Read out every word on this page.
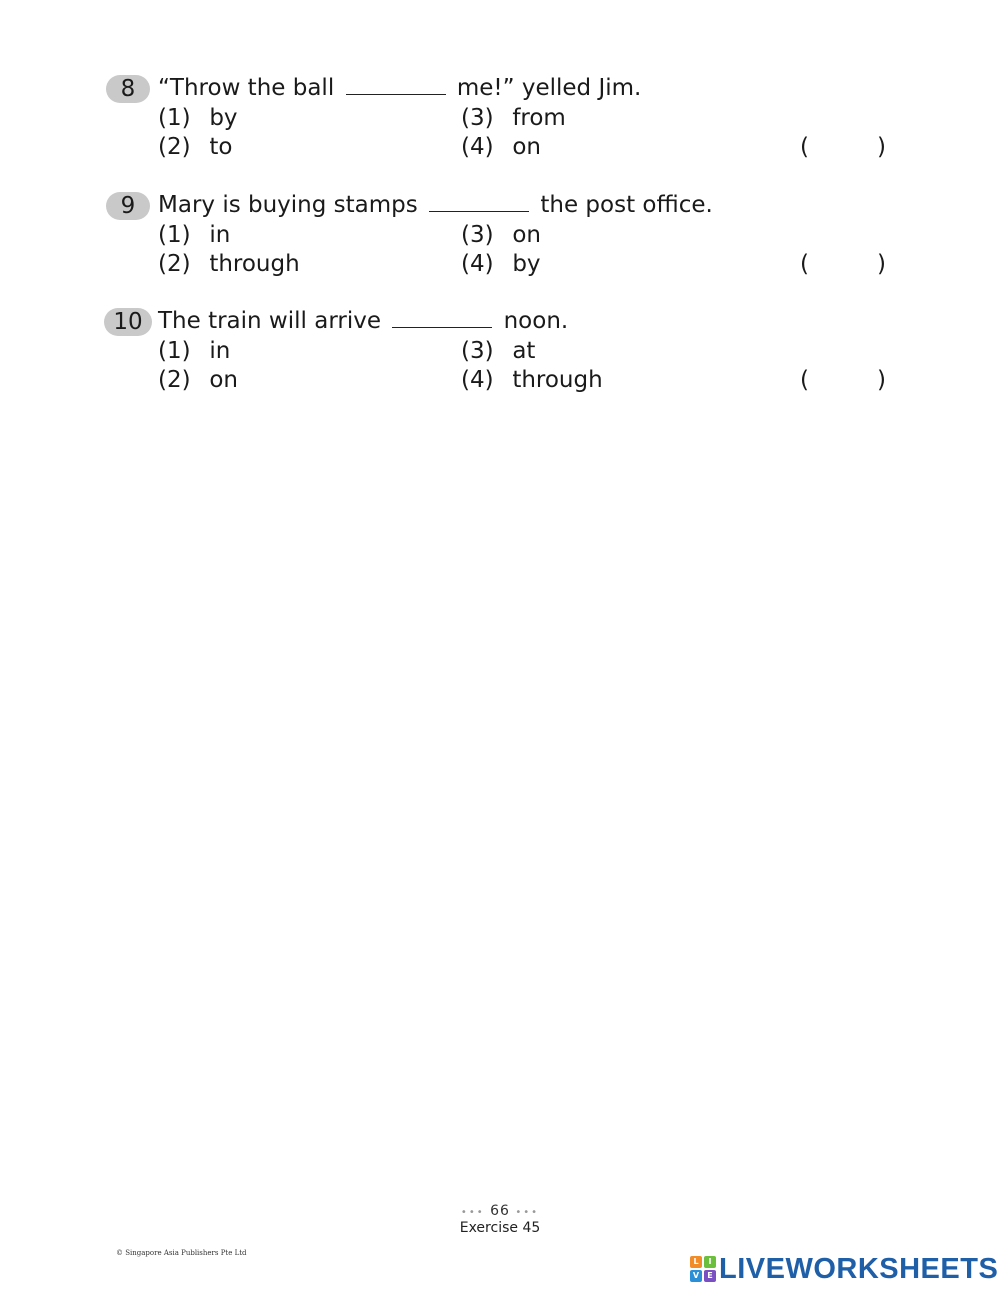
8 “Throw the ball	me!” yelled Jim.
(1) by
(2) to
(3) from
(4) on	(	)
9 Mary is buying stamps	the post office.
(1) in
(2) through
(3) on
(4) by	(	)
10 The train will arrive	noon.
(1) in
(2) on
(3) at
(4) through	(	)
••• 66 •••
Exercise 45
© Singapore Asia Publishers Pte Ltd
L	I
V	E LIVEWORKSHEETS
